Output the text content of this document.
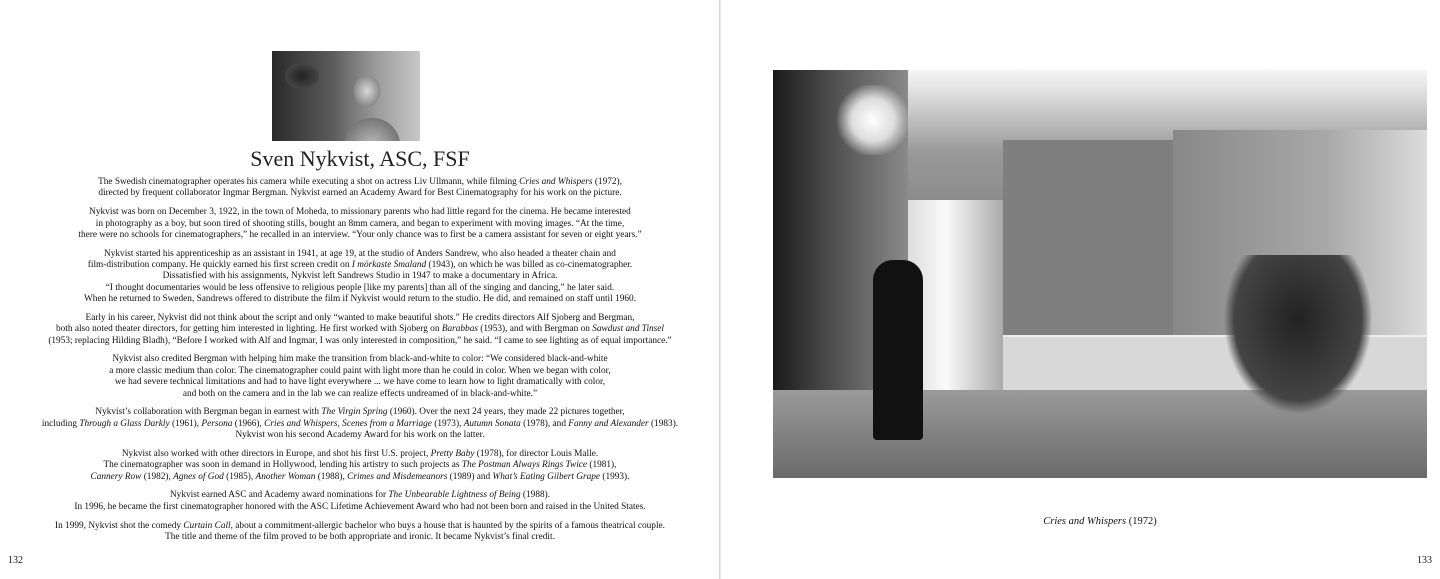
Sven Nykvist, ASC, FSF
The Swedish cinematographer operates his camera while executing a shot on actress Liv Ullmann, while filming Cries and Whispers (1972),
directed by frequent collaborator Ingmar Bergman. Nykvist earned an Academy Award for Best Cinematography for his work on the picture.
Nykvist was born on December 3, 1922, in the town of Moheda, to missionary parents who had little regard for the cinema. He became interested
in photography as a boy, but soon tired of shooting stills, bought an 8mm camera, and began to experiment with moving images. “At the time,
there were no schools for cinematographers,” he recalled in an interview. “Your only chance was to first be a camera assistant for seven or eight years.”
Nykvist started his apprenticeship as an assistant in 1941, at age 19, at the studio of Anders Sandrew, who also headed a theater chain and
film-distribution company. He quickly earned his first screen credit on I mörkaste Smaland (1943), on which he was billed as co-cinematographer.
Dissatisfied with his assignments, Nykvist left Sandrews Studio in 1947 to make a documentary in Africa.
“I thought documentaries would be less offensive to religious people [like my parents] than all of the singing and dancing,” he later said.
When he returned to Sweden, Sandrews offered to distribute the film if Nykvist would return to the studio. He did, and remained on staff until 1960.
Early in his career, Nykvist did not think about the script and only “wanted to make beautiful shots.” He credits directors Alf Sjoberg and Bergman,
both also noted theater directors, for getting him interested in lighting. He first worked with Sjoberg on Barabbas (1953), and with Bergman on Sawdust and Tinsel
(1953; replacing Hilding Bladh), “Before I worked with Alf and Ingmar, I was only interested in composition,” he said. “I came to see lighting as of equal importance.”
Nykvist also credited Bergman with helping him make the transition from black-and-white to color: “We considered black-and-white
a more classic medium than color. The cinematographer could paint with light more than he could in color. When we began with color,
we had severe technical limitations and had to have light everywhere ... we have come to learn how to light dramatically with color,
and both on the camera and in the lab we can realize effects undreamed of in black-and-white.”
Nykvist’s collaboration with Bergman began in earnest with The Virgin Spring (1960). Over the next 24 years, they made 22 pictures together,
including Through a Glass Darkly (1961), Persona (1966), Cries and Whispers, Scenes from a Marriage (1973), Autumn Sonata (1978), and Fanny and Alexander (1983).
Nykvist won his second Academy Award for his work on the latter.
Nykvist also worked with other directors in Europe, and shot his first U.S. project, Pretty Baby (1978), for director Louis Malle.
The cinematographer was soon in demand in Hollywood, lending his artistry to such projects as The Postman Always Rings Twice (1981),
Cannery Row (1982), Agnes of God (1985), Another Woman (1988), Crimes and Misdemeanors (1989) and What’s Eating Gilbert Grape (1993).
Nykvist earned ASC and Academy award nominations for The Unbearable Lightness of Being (1988).
In 1996, he became the first cinematographer honored with the ASC Lifetime Achievement Award who had not been born and raised in the United States.
In 1999, Nykvist shot the comedy Curtain Call, about a commitment-allergic bachelor who buys a house that is haunted by the spirits of a famous theatrical couple.
The title and theme of the film proved to be both appropriate and ironic. It became Nykvist’s final credit.
132
Cries and Whispers (1972)
133
